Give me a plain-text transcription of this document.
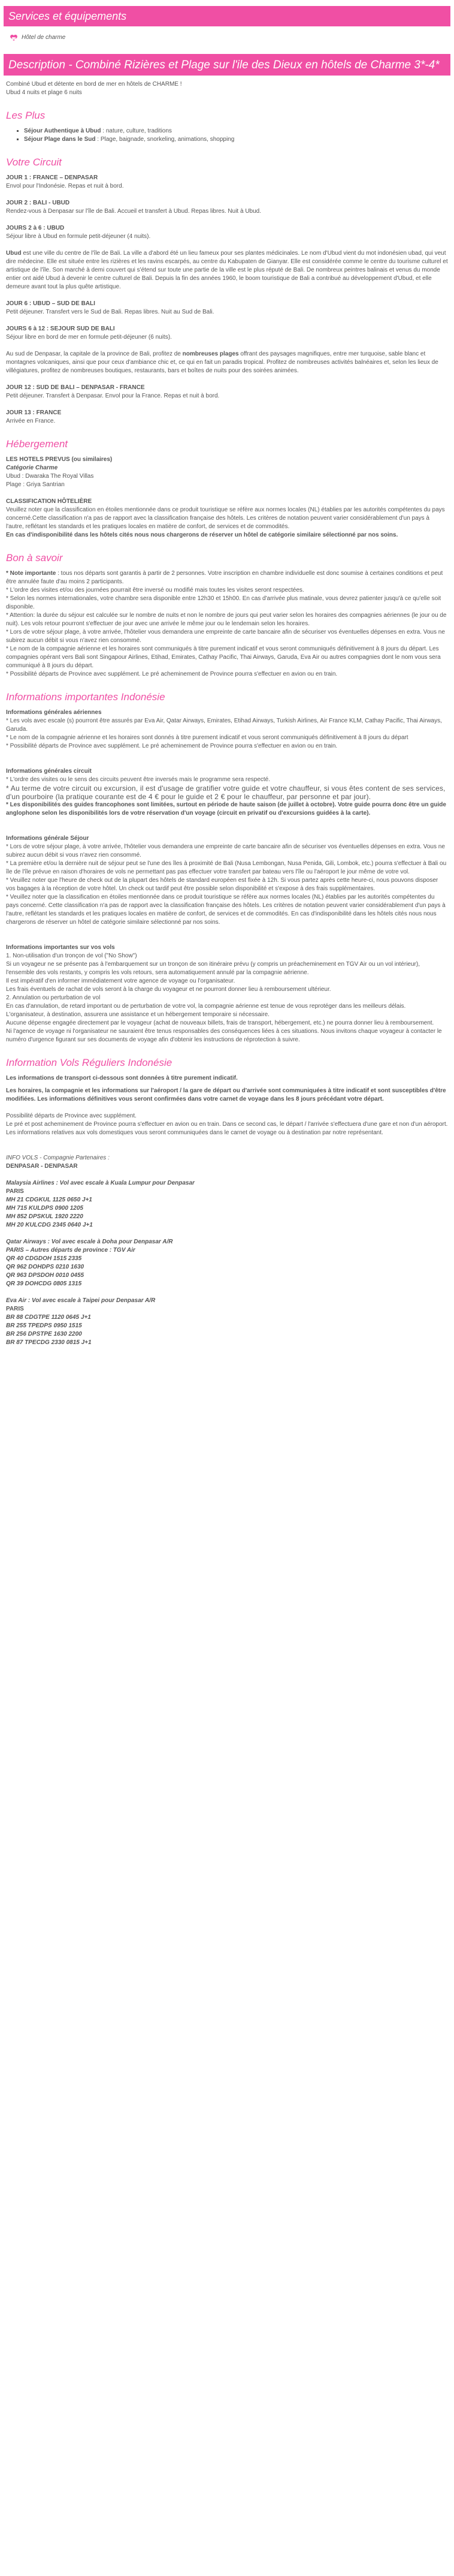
Services et équipements
Hôtel de charme
Description - Combiné Rizières et Plage sur l'ile des Dieux en hôtels de Charme 3*-4*

Combiné Ubud et détente en bord de mer en hôtels de CHARME !

Ubud 4 nuits et plage 6 nuits

Les Plus
▪ Séjour Authentique à Ubud : nature, culture, traditions
▪ Séjour Plage dans le Sud : Plage, baignade, snorkeling, animations, shopping
Votre Circuit

JOUR 1 : FRANCE – DENPASAR

Envol pour l'Indonésie. Repas et nuit à bord.

JOUR 2 : BALI - UBUD

Rendez-vous à Denpasar sur l'île de Bali. Accueil et transfert à Ubud. Repas libres. Nuit à Ubud.

JOURS 2 à 6 : UBUD

Séjour libre à Ubud en formule petit-déjeuner (4 nuits).

Ubud est une ville du centre de l'île de Bali. La ville a d'abord été un lieu fameux pour ses plantes médicinales. Le nom d'Ubud vient du mot indonésien ubad, qui veut dire médecine. Elle est située entre les rizières et les ravins escarpés, au centre du Kabupaten de Gianyar. Elle est considérée comme le centre du tourisme culturel et artistique de l'île. Son marché à demi couvert qui s'étend sur toute une partie de la ville est le plus réputé de Bali. De nombreux peintres balinais et venus du monde entier ont aidé Ubud à devenir le centre culturel de Bali. Depuis la fin des années 1960, le boom touristique de Bali a contribué au développement d'Ubud, et elle demeure avant tout la plus quête artistique.

JOUR 6 : UBUD – SUD DE BALI

Petit déjeuner. Transfert vers le Sud de Bali. Repas libres. Nuit au Sud de Bali.

JOURS 6 à 12 : SEJOUR SUD DE BALI

Séjour libre en bord de mer en formule petit-déjeuner (6 nuits).

Au sud de Denpasar, la capitale de la province de Bali, profitez de nombreuses plages offrant des paysages magnifiques, entre mer turquoise, sable blanc et montagnes volcaniques, ainsi que pour ceux d'ambiance chic et, ce qui en fait un paradis tropical. Profitez de nombreuses activités balnéaires et, selon les lieux de villégiatures, profitez de nombreuses boutiques, restaurants, bars et boîtes de nuits pour des soirées animées.

JOUR 12 : SUD DE BALI – DENPASAR - FRANCE

Petit déjeuner. Transfert à Denpasar. Envol pour la France. Repas et nuit à bord.

JOUR 13 : FRANCE

Arrivée en France.

Hébergement

LES HOTELS PREVUS (ou similaires)

Catégorie Charme

Ubud : Dwaraka The Royal Villas

Plage : Griya Santrian

CLASSIFICATION HÔTELIÈRE

Veuillez noter que la classification en étoiles mentionnée dans ce produit touristique se réfère aux normes locales (NL) établies par les autorités compétentes du pays concerné.Cette classification n'a pas de rapport avec la classification française des hôtels. Les critères de notation peuvent varier considérablement d'un pays à l'autre, reflétant les standards et les pratiques locales en matière de confort, de services et de commodités.

En cas d'indisponibilité dans les hôtels cités nous nous chargerons de réserver un hôtel de catégorie similaire sélectionné par nos soins.

Bon à savoir

* Note importante : tous nos départs sont garantis à partir de 2 personnes. Votre inscription en chambre individuelle est donc soumise à certaines conditions et peut être annulée faute d'au moins 2 participants.

* L'ordre des visites et/ou des journées pourrait être inversé ou modifié mais toutes les visites seront respectées.

* Selon les normes internationales, votre chambre sera disponible entre 12h30 et 15h00. En cas d'arrivée plus matinale, vous devrez patienter jusqu'à ce qu'elle soit disponible.

* Attention: la durée du séjour est calculée sur le nombre de nuits et non le nombre de jours qui peut varier selon les horaires des compagnies aériennes (le jour ou de nuit). Les vols retour pourront s'effectuer de jour avec une arrivée le même jour ou le lendemain selon les horaires.

* Lors de votre séjour plage, à votre arrivée, l'hôtelier vous demandera une empreinte de carte bancaire afin de sécuriser vos éventuelles dépenses en extra. Vous ne subirez aucun débit si vous n'avez rien consommé.

* Le nom de la compagnie aérienne et les horaires sont communiqués à titre purement indicatif et vous seront communiqués définitivement à 8 jours du départ. Les compagnies opérant vers Bali sont Singapour Airlines, Etihad, Emirates, Cathay Pacific, Thai Airways, Garuda, Eva Air ou autres compagnies dont le nom vous sera communiqué à 8 jours du départ.

* Possibilité départs de Province avec supplément. Le pré acheminement de Province pourra s'effectuer en avion ou en train.

Informations importantes Indonésie

Informations générales aériennes

* Les vols avec escale (s) pourront être assurés par Eva Air, Qatar Airways, Emirates, Etihad Airways, Turkish Airlines, Air France KLM, Cathay Pacific, Thai Airways, Garuda.

* Le nom de la compagnie aérienne et les horaires sont donnés à titre purement indicatif et vous seront communiqués définitivement à 8 jours du départ

* Possibilité départs de Province avec supplément. Le pré acheminement de Province pourra s'effectuer en avion ou en train.

Informations générales circuit

* L'ordre des visites ou le sens des circuits peuvent être inversés mais le programme sera respecté.

* Au terme de votre circuit ou excursion, il est d'usage de gratifier votre guide et votre chauffeur, si vous êtes content de ses services, d'un pourboire (la pratique courante est de 4 € pour le guide et 2 € pour le chauffeur, par personne et par jour).

* Les disponibilités des guides francophones sont limitées, surtout en période de haute saison (de juillet à octobre). Votre guide pourra donc être un guide anglophone selon les disponibilités lors de votre réservation d'un voyage (circuit en privatif ou d'excursions guidées à la carte).

Informations générale Séjour

* Lors de votre séjour plage, à votre arrivée, l'hôtelier vous demandera une empreinte de carte bancaire afin de sécuriser vos éventuelles dépenses en extra. Vous ne subirez aucun débit si vous n'avez rien consommé.

* La première et/ou la dernière nuit de séjour peut se l'une des îles à proximité de Bali (Nusa Lembongan, Nusa Penida, Gili, Lombok, etc.) pourra s'effectuer à Bali ou île de l'île prévue en raison d'horaires de vols ne permettant pas pas effectuer votre transfert par bateau vers l'île ou l'aéroport le jour même de votre vol.

* Veuillez noter que l'heure de check out de la plupart des hôtels de standard européen est fixée à 12h. Si vous partez après cette heure-ci, nous pouvons disposer vos bagages à la réception de votre hôtel. Un check out tardif peut être possible selon disponibilité et s'expose à des frais supplémentaires.

* Veuillez noter que la classification en étoiles mentionnée dans ce produit touristique se réfère aux normes locales (NL) établies par les autorités compétentes du pays concerné. Cette classification n'a pas de rapport avec la classification française des hôtels. Les critères de notation peuvent varier considérablement d'un pays à l'autre, reflétant les standards et les pratiques locales en matière de confort, de services et de commodités. En cas d'indisponibilité dans les hôtels cités nous nous chargerons de réserver un hôtel de catégorie similaire sélectionné par nos soins.

Informations importantes sur vos vols

1. Non-utilisation d'un tronçon de vol ("No Show")

Si un voyageur ne se présente pas à l'embarquement sur un tronçon de son itinéraire prévu (y compris un préacheminement en TGV Air ou un vol intérieur), l'ensemble des vols restants, y compris les vols retours, sera automatiquement annulé par la compagnie aérienne.

Il est impératif d'en informer immédiatement votre agence de voyage ou l'organisateur.

Les frais éventuels de rachat de vols seront à la charge du voyageur et ne pourront donner lieu à remboursement ultérieur.

2. Annulation ou perturbation de vol

En cas d'annulation, de retard important ou de perturbation de votre vol, la compagnie aérienne est tenue de vous reprotéger dans les meilleurs délais.

L'organisateur, à destination, assurera une assistance et un hébergement temporaire si nécessaire.

Aucune dépense engagée directement par le voyageur (achat de nouveaux billets, frais de transport, hébergement, etc.) ne pourra donner lieu à remboursement.

Ni l'agence de voyage ni l'organisateur ne sauraient être tenus responsables des conséquences liées à ces situations. Nous invitons chaque voyageur à contacter le numéro d'urgence figurant sur ses documents de voyage afin d'obtenir les instructions de réprotection à suivre.

Information Vols Réguliers Indonésie

Les informations de transport ci-dessous sont données à titre purement indicatif.

Les horaires, la compagnie et les informations sur l'aéroport / la gare de départ ou d'arrivée sont communiquées à titre indicatif et sont susceptibles d'être modifiées. Les informations définitives vous seront confirmées dans votre carnet de voyage dans les 8 jours précédant votre départ.

Possibilité départs de Province avec supplément.

Le pré et post acheminement de Province pourra s'effectuer en avion ou en train. Dans ce second cas, le départ / l'arrivée s'effectuera d'une gare et non d'un aéroport.

Les informations relatives aux vols domestiques vous seront communiquées dans le carnet de voyage ou à destination par notre représentant.

INFO VOLS - Compagnie Partenaires :

DENPASAR - DENPASAR

Malaysia Airlines : Vol avec escale à Kuala Lumpur pour Denpasar

PARIS

MH 21 CDGKUL 1125 0650 J+1

MH 715 KULDPS 0900 1205

MH 852 DPSKUL 1920 2220

MH 20 KULCDG 2345 0640 J+1

Qatar Airways : Vol avec escale à Doha pour Denpasar A/R

PARIS – Autres départs de province : TGV Air

QR 40 CDGDOH 1515 2335

QR 962 DOHDPS 0210 1630

QR 963 DPSDOH 0010 0455

QR 39 DOHCDG 0805 1315

Eva Air : Vol avec escale à Taipei pour Denpasar A/R

PARIS

BR 88 CDGTPE 1120 0645 J+1

BR 255 TPEDPS 0950 1515

BR 256 DPSTPE 1630 2200

BR 87 TPECDG 2330 0815 J+1
